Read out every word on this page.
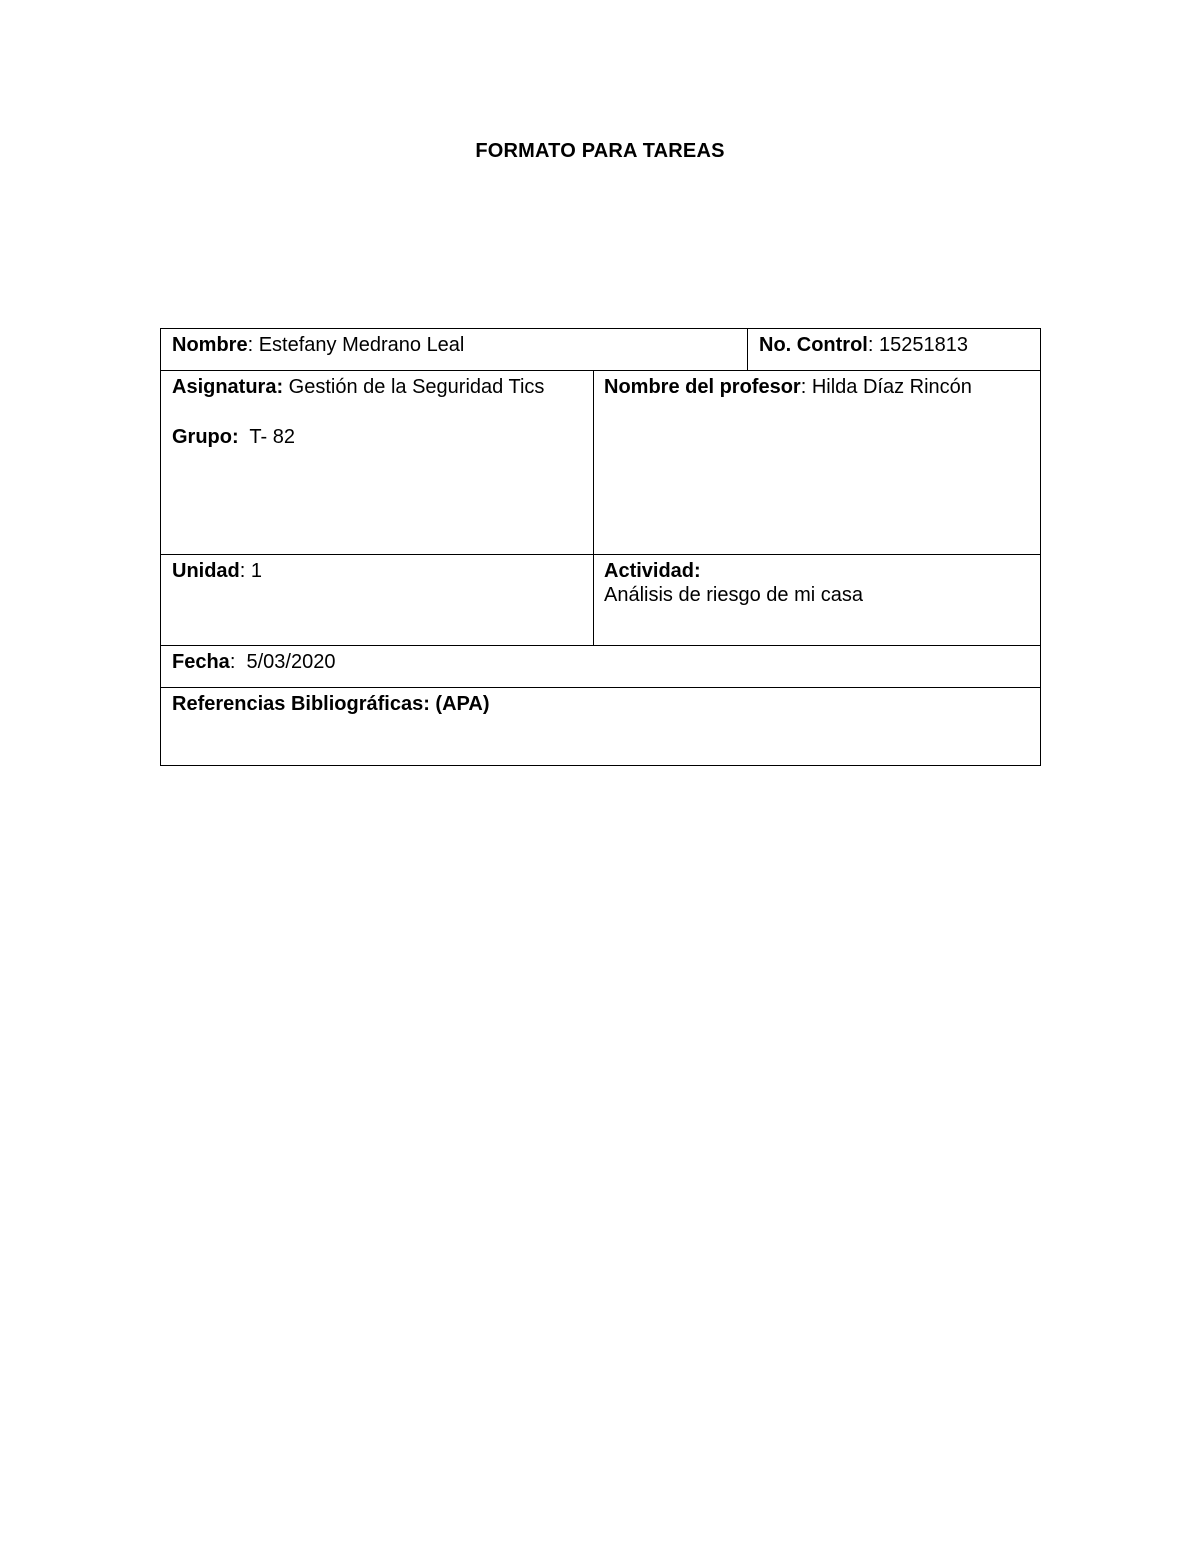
FORMATO PARA TAREAS
Nombre: Estefany Medrano Leal	No. Control: 15251813
Asignatura: Gestión de la Seguridad Tics
Grupo:  T- 82
Nombre del profesor: Hilda Díaz Rincón
Unidad: 1	Actividad:
Análisis de riesgo de mi casa
Fecha:  5/03/2020
Referencias Bibliográficas: (APA)
